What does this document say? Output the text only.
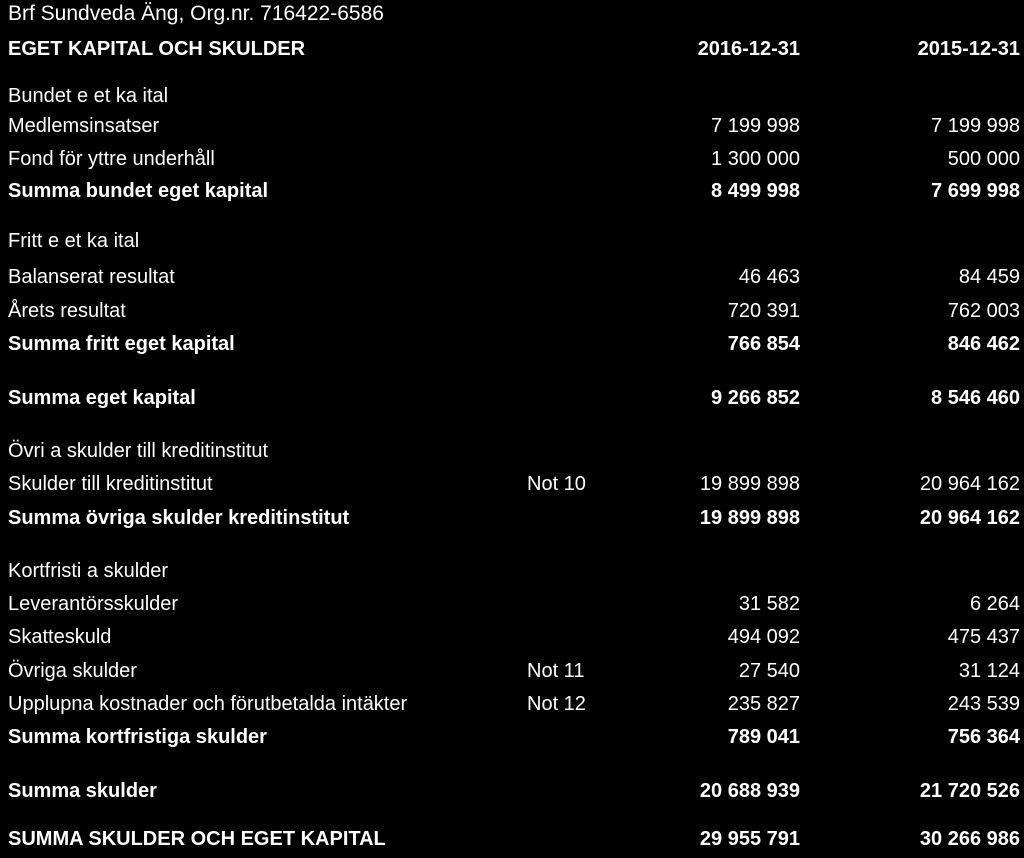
Brf Sundveda Äng, Org.nr. 716422-6586
EGET KAPITAL OCH SKULDER	2016-12-31	2015-12-31
Bundet e et ka ital
Medlemsinsatser	7 199 998	7 199 998
Fond för yttre underhåll	1 300 000	500 000
Summa bundet eget kapital	8 499 998	7 699 998
Fritt e et ka ital
Balanserat resultat	46 463	84 459
Årets resultat	720 391	762 003
Summa fritt eget kapital	766 854	846 462
Summa eget kapital	9 266 852	8 546 460
Övri a skulder till kreditinstitut
Skulder till kreditinstitut	Not 10	19 899 898	20 964 162
Summa övriga skulder kreditinstitut	19 899 898	20 964 162
Kortfristi a skulder
Leverantörsskulder	31 582	6 264
Skatteskuld	494 092	475 437
Övriga skulder	Not 11	27 540	31 124
Upplupna kostnader och förutbetalda intäkter	Not 12	235 827	243 539
Summa kortfristiga skulder	789 041	756 364
Summa skulder	20 688 939	21 720 526
SUMMA SKULDER OCH EGET KAPITAL	29 955 791	30 266 986
